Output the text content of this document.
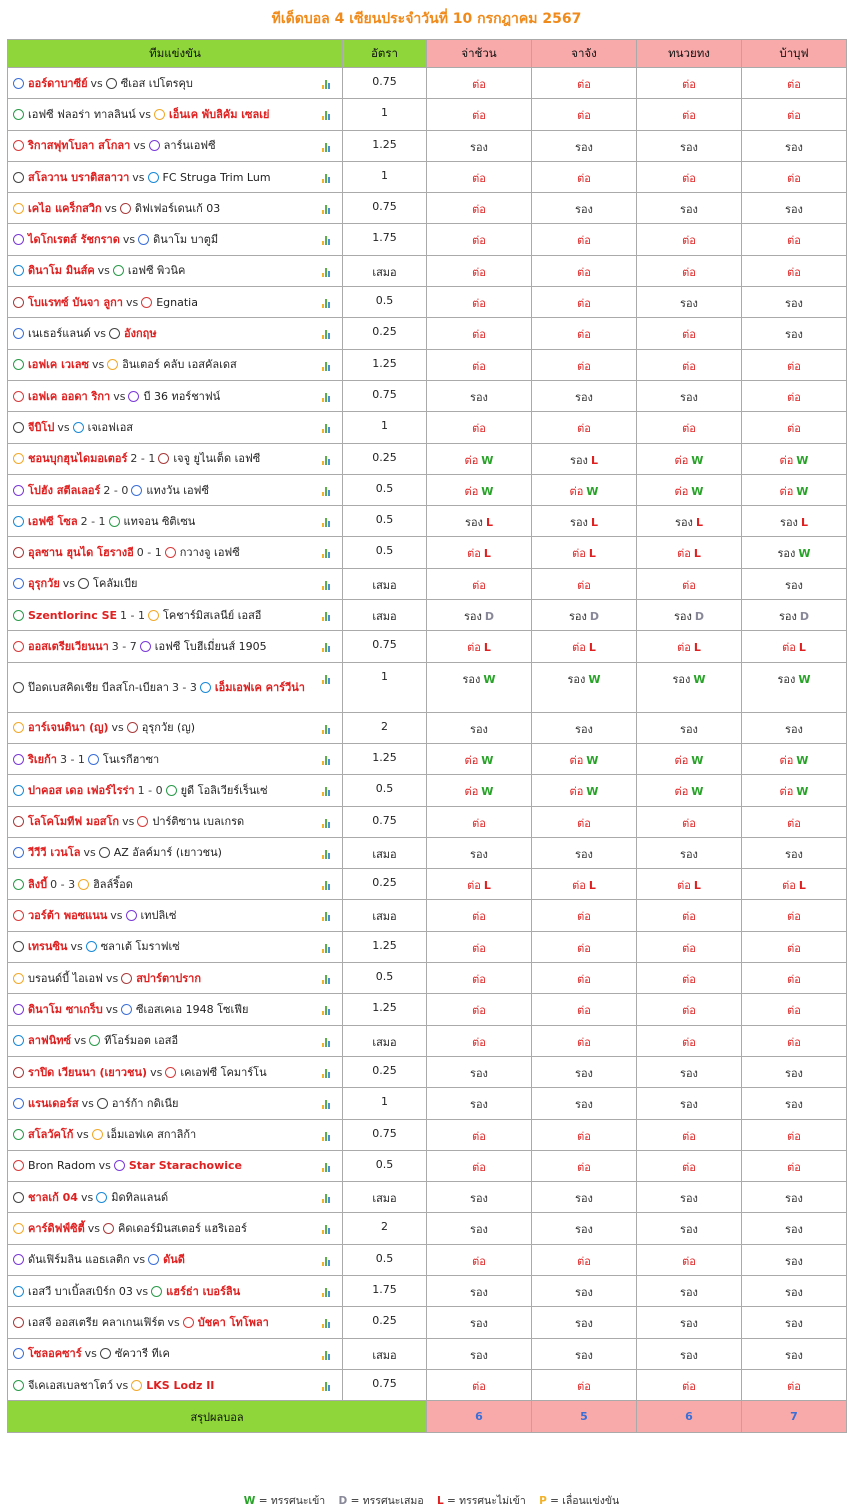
ทีเด็ดบอล 4 เซียนประจำวันที่ 10 กรกฎาคม 2567
ทีมแข่งขัน	อัตรา	จ่าช้วน	จาจัง	ทนวยทง	บ้าบุฟ

ออร์ดาบาซีย์ vs ซีเอส เปโตรคุบ	0.75	ต่อ	ต่อ	ต่อ	ต่อ

เอฟซี ฟลอร่า ทาลลินน์ vs เอ็นเค พับลิคัม เซลเย่	1	ต่อ	ต่อ	ต่อ	ต่อ

ริกาสฟุทโบลา สโกลา vs ลาร์นเอฟซี	1.25	รอง	รอง	รอง	รอง

สโลวาน บราติสลาวา vs FC Struga Trim Lum	1	ต่อ	ต่อ	ต่อ	ต่อ

เคไอ แคร็กสวิก vs ดิฟเฟอร์เดนเก้ 03	0.75	ต่อ	รอง	รอง	รอง

ไดโกเรตส์ รัชกราด vs ดินาโม บาตูมี	1.75	ต่อ	ต่อ	ต่อ	ต่อ

ดินาโม มินส์ค vs เอฟซี พิวนิค	เสมอ	ต่อ	ต่อ	ต่อ	ต่อ

โบแรทซ์ บันจา ลูกา vs Egnatia	0.5	ต่อ	ต่อ	รอง	รอง

เนเธอร์แลนด์ vs อังกฤษ	0.25	ต่อ	ต่อ	ต่อ	รอง

เอฟเค เวเลซ vs อินเตอร์ คลับ เอสคัลเดส	1.25	ต่อ	ต่อ	ต่อ	ต่อ

เอฟเค ออดา ริกา vs บี 36 ทอร์ชาฟน์	0.75	รอง	รอง	รอง	ต่อ

จีบิโป vs เจเอฟเอส	1	ต่อ	ต่อ	ต่อ	ต่อ

ชอนบุกฮุนไดมอเตอร์ 2 - 1 เจจู ยูไนเต็ด เอฟซี	0.25	ต่อ W	รอง L	ต่อ W	ต่อ W

โปฮัง สตีลเลอร์ 2 - 0 แทงวัน เอฟซี	0.5	ต่อ W	ต่อ W	ต่อ W	ต่อ W

เอฟซี โซล 2 - 1 แทจอน ซิติเซน	0.5	รอง L	รอง L	รอง L	รอง L

อุลซาน ฮุนได โฮรางอี 0 - 1 กวางจู เอฟซี	0.5	ต่อ L	ต่อ L	ต่อ L	รอง W

อุรุกวัย vs โคลัมเบีย	เสมอ	ต่อ	ต่อ	ต่อ	รอง

Szentlorinc SE 1 - 1 โคชาร์มิสเลนีย์ เอสอี	เสมอ	รอง D	รอง D	รอง D	รอง D

ออสเตรียเวียนนา 3 - 7 เอฟซี โบฮีเมี่ยนส์ 1905	0.75	ต่อ L	ต่อ L	ต่อ L	ต่อ L

ป๊อดเบสคิดเชีย บีลสโก-เบียลา 3 - 3 เอ็มเอฟเค คาร์วีน่า	1	รอง W	รอง W	รอง W	รอง W

อาร์เจนตินา (ญ) vs อุรุกวัย (ญ)	2	รอง	รอง	รอง	รอง

ริเยก้า 3 - 1 โนเรกีฮาซา	1.25	ต่อ W	ต่อ W	ต่อ W	ต่อ W

ปาคอส เดอ เฟอร์ไรร่า 1 - 0 ยูดี โอลิเวียร์เร็นเซ่	0.5	ต่อ W	ต่อ W	ต่อ W	ต่อ W

โลโคโมทีฟ มอสโก vs ปาร์ติซาน เบลเกรด	0.75	ต่อ	ต่อ	ต่อ	ต่อ

วีวีวี เวนโล vs AZ อัลค์มาร์ (เยาวชน)	เสมอ	รอง	รอง	รอง	รอง

ลิงบี้ 0 - 3 ฮิลล์ริ็อด	0.25	ต่อ L	ต่อ L	ต่อ L	ต่อ L

วอร์ต้า พอซแนน vs เทปลิเซ่	เสมอ	ต่อ	ต่อ	ต่อ	ต่อ

เทรนซิน vs ซลาเต้ โมราฟเซ่	1.25	ต่อ	ต่อ	ต่อ	ต่อ

บรอนด์บี้ ไอเอฟ vs สปาร์ตาปราก	0.5	ต่อ	ต่อ	ต่อ	ต่อ

ดินาโม ซาเกร็บ vs ซีเอสเคเอ 1948 โซเฟีย	1.25	ต่อ	ต่อ	ต่อ	ต่อ

ลาฟนิทซ์ vs ทีโอร์มอต เอสอี	เสมอ	ต่อ	ต่อ	ต่อ	ต่อ

ราปิด เวียนนา (เยาวชน) vs เคเอฟซี โคมาร์โน	0.25	รอง	รอง	รอง	รอง

แรนเดอร์ส vs อาร์ก้า กดิเนีย	1	รอง	รอง	รอง	รอง

สโลวัคโก้ vs เอ็มเอฟเค สกาลิก้า	0.75	ต่อ	ต่อ	ต่อ	ต่อ

Bron Radom vs Star Starachowice	0.5	ต่อ	ต่อ	ต่อ	ต่อ

ชาลเก้ 04 vs มิดทิลแลนด์	เสมอ	รอง	รอง	รอง	รอง

คาร์ดิฟฟ์ซิตี้ vs คิดเดอร์มินสเตอร์ แฮริเออร์	2	รอง	รอง	รอง	รอง

ดันเฟิร์มลิน แอธเลติก vs ดันดี	0.5	ต่อ	ต่อ	ต่อ	รอง

เอสวี บาเบิ้ลสเบิร์ก 03 vs แฮร์ธ่า เบอร์ลิน	1.75	รอง	รอง	รอง	รอง

เอสจี ออสเตรีย คลาเกนเฟิร์ต vs บัชคา โทโพลา	0.25	รอง	รอง	รอง	รอง

โซลอคซาร์ vs ซัควารี ทีเค	เสมอ	รอง	รอง	รอง	รอง

จีเคเอสเบลชาโตว์ vs LKS Lodz II	0.75	ต่อ	ต่อ	ต่อ	ต่อ
สรุปผลบอล		6	5	6	7
W = ทรรศนะเข้า D = ทรรศนะเสมอ L = ทรรศนะไม่เข้า P = เลื่อนแข่งขัน
